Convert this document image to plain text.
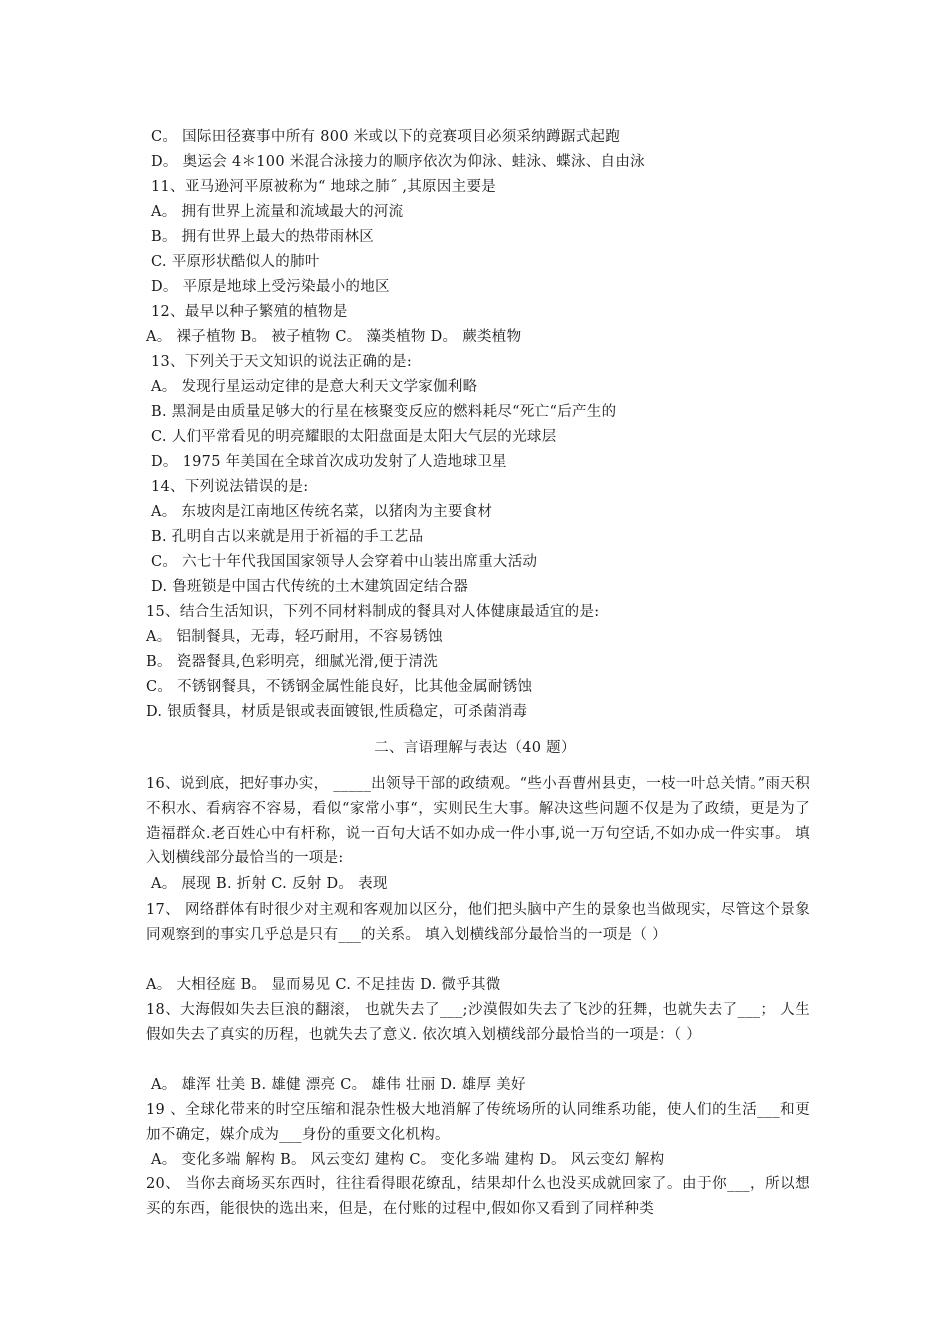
C。 国际田径赛事中所有 800 米或以下的竞赛项目必须采纳蹲踞式起跑
D。 奥运会 4＊100 米混合泳接力的顺序依次为仰泳、蛙泳、蝶泳、自由泳
11、亚马逊河平原被称为“ 地球之肺˝ ,其原因主要是
A。 拥有世界上流量和流域最大的河流
B。 拥有世界上最大的热带雨林区
C. 平原形状酷似人的肺叶
D。 平原是地球上受污染最小的地区
12、最早以种子繁殖的植物是
A。 裸子植物 B。 被子植物 C。 藻类植物 D。 蕨类植物
13、下列关于天文知识的说法正确的是:
A。 发现行星运动定律的是意大利天文学家伽利略
B. 黑洞是由质量足够大的行星在核聚变反应的燃料耗尽“死亡“后产生的
C. 人们平常看见的明亮耀眼的太阳盘面是太阳大气层的光球层
D。 1975 年美国在全球首次成功发射了人造地球卫星
14、下列说法错误的是:
A。 东坡肉是江南地区传统名菜，以猪肉为主要食材
B. 孔明自古以来就是用于祈福的手工艺品
C。 六七十年代我国国家领导人会穿着中山装出席重大活动
D. 鲁班锁是中国古代传统的土木建筑固定结合器
15、结合生活知识，下列不同材料制成的餐具对人体健康最适宜的是:
A。 铝制餐具，无毒，轻巧耐用，不容易锈蚀
B。 瓷器餐具,色彩明亮，细腻光滑,便于清洗
C。 不锈钢餐具，不锈钢金属性能良好，比其他金属耐锈蚀
D. 银质餐具，材质是银或表面镀银,性质稳定，可杀菌消毒
二、言语理解与表达（40 题）
16、说到底，把好事办实， _____出领导干部的政绩观。“些小吾曹州县吏，一枝一叶总关情。”雨天积不积水、看病容不容易，看似“家常小事“，实则民生大事。解决这些问题不仅是为了政绩，更是为了造福群众.老百姓心中有杆称，说一百句大话不如办成一件小事,说一万句空话,不如办成一件实事。 填入划横线部分最恰当的一项是:
A。 展现 B. 折射 C. 反射 D。 表现
17、 网络群体有时很少对主观和客观加以区分，他们把头脑中产生的景象也当做现实，尽管这个景象同观察到的事实几乎总是只有___的关系。 填入划横线部分最恰当的一项是（ ）
A。 大相径庭 B。 显而易见 C. 不足挂齿 D. 微乎其微
18、大海假如失去巨浪的翻滚， 也就失去了___;沙漠假如失去了飞沙的狂舞，也就失去了___； 人生假如失去了真实的历程，也就失去了意义. 依次填入划横线部分最恰当的一项是：（ ）
A。 雄浑 壮美 B. 雄健 漂亮 C。 雄伟 壮丽 D. 雄厚 美好
19 、全球化带来的时空压缩和混杂性极大地消解了传统场所的认同维系功能，使人们的生活___和更加不确定，媒介成为___身份的重要文化机构。
A。 变化多端 解构 B。 风云变幻 建构 C。 变化多端 建构 D。 风云变幻 解构
20、 当你去商场买东西时，往往看得眼花缭乱，结果却什么也没买成就回家了。由于你___，所以想买的东西，能很快的选出来，但是，在付账的过程中,假如你又看到了同样种类
